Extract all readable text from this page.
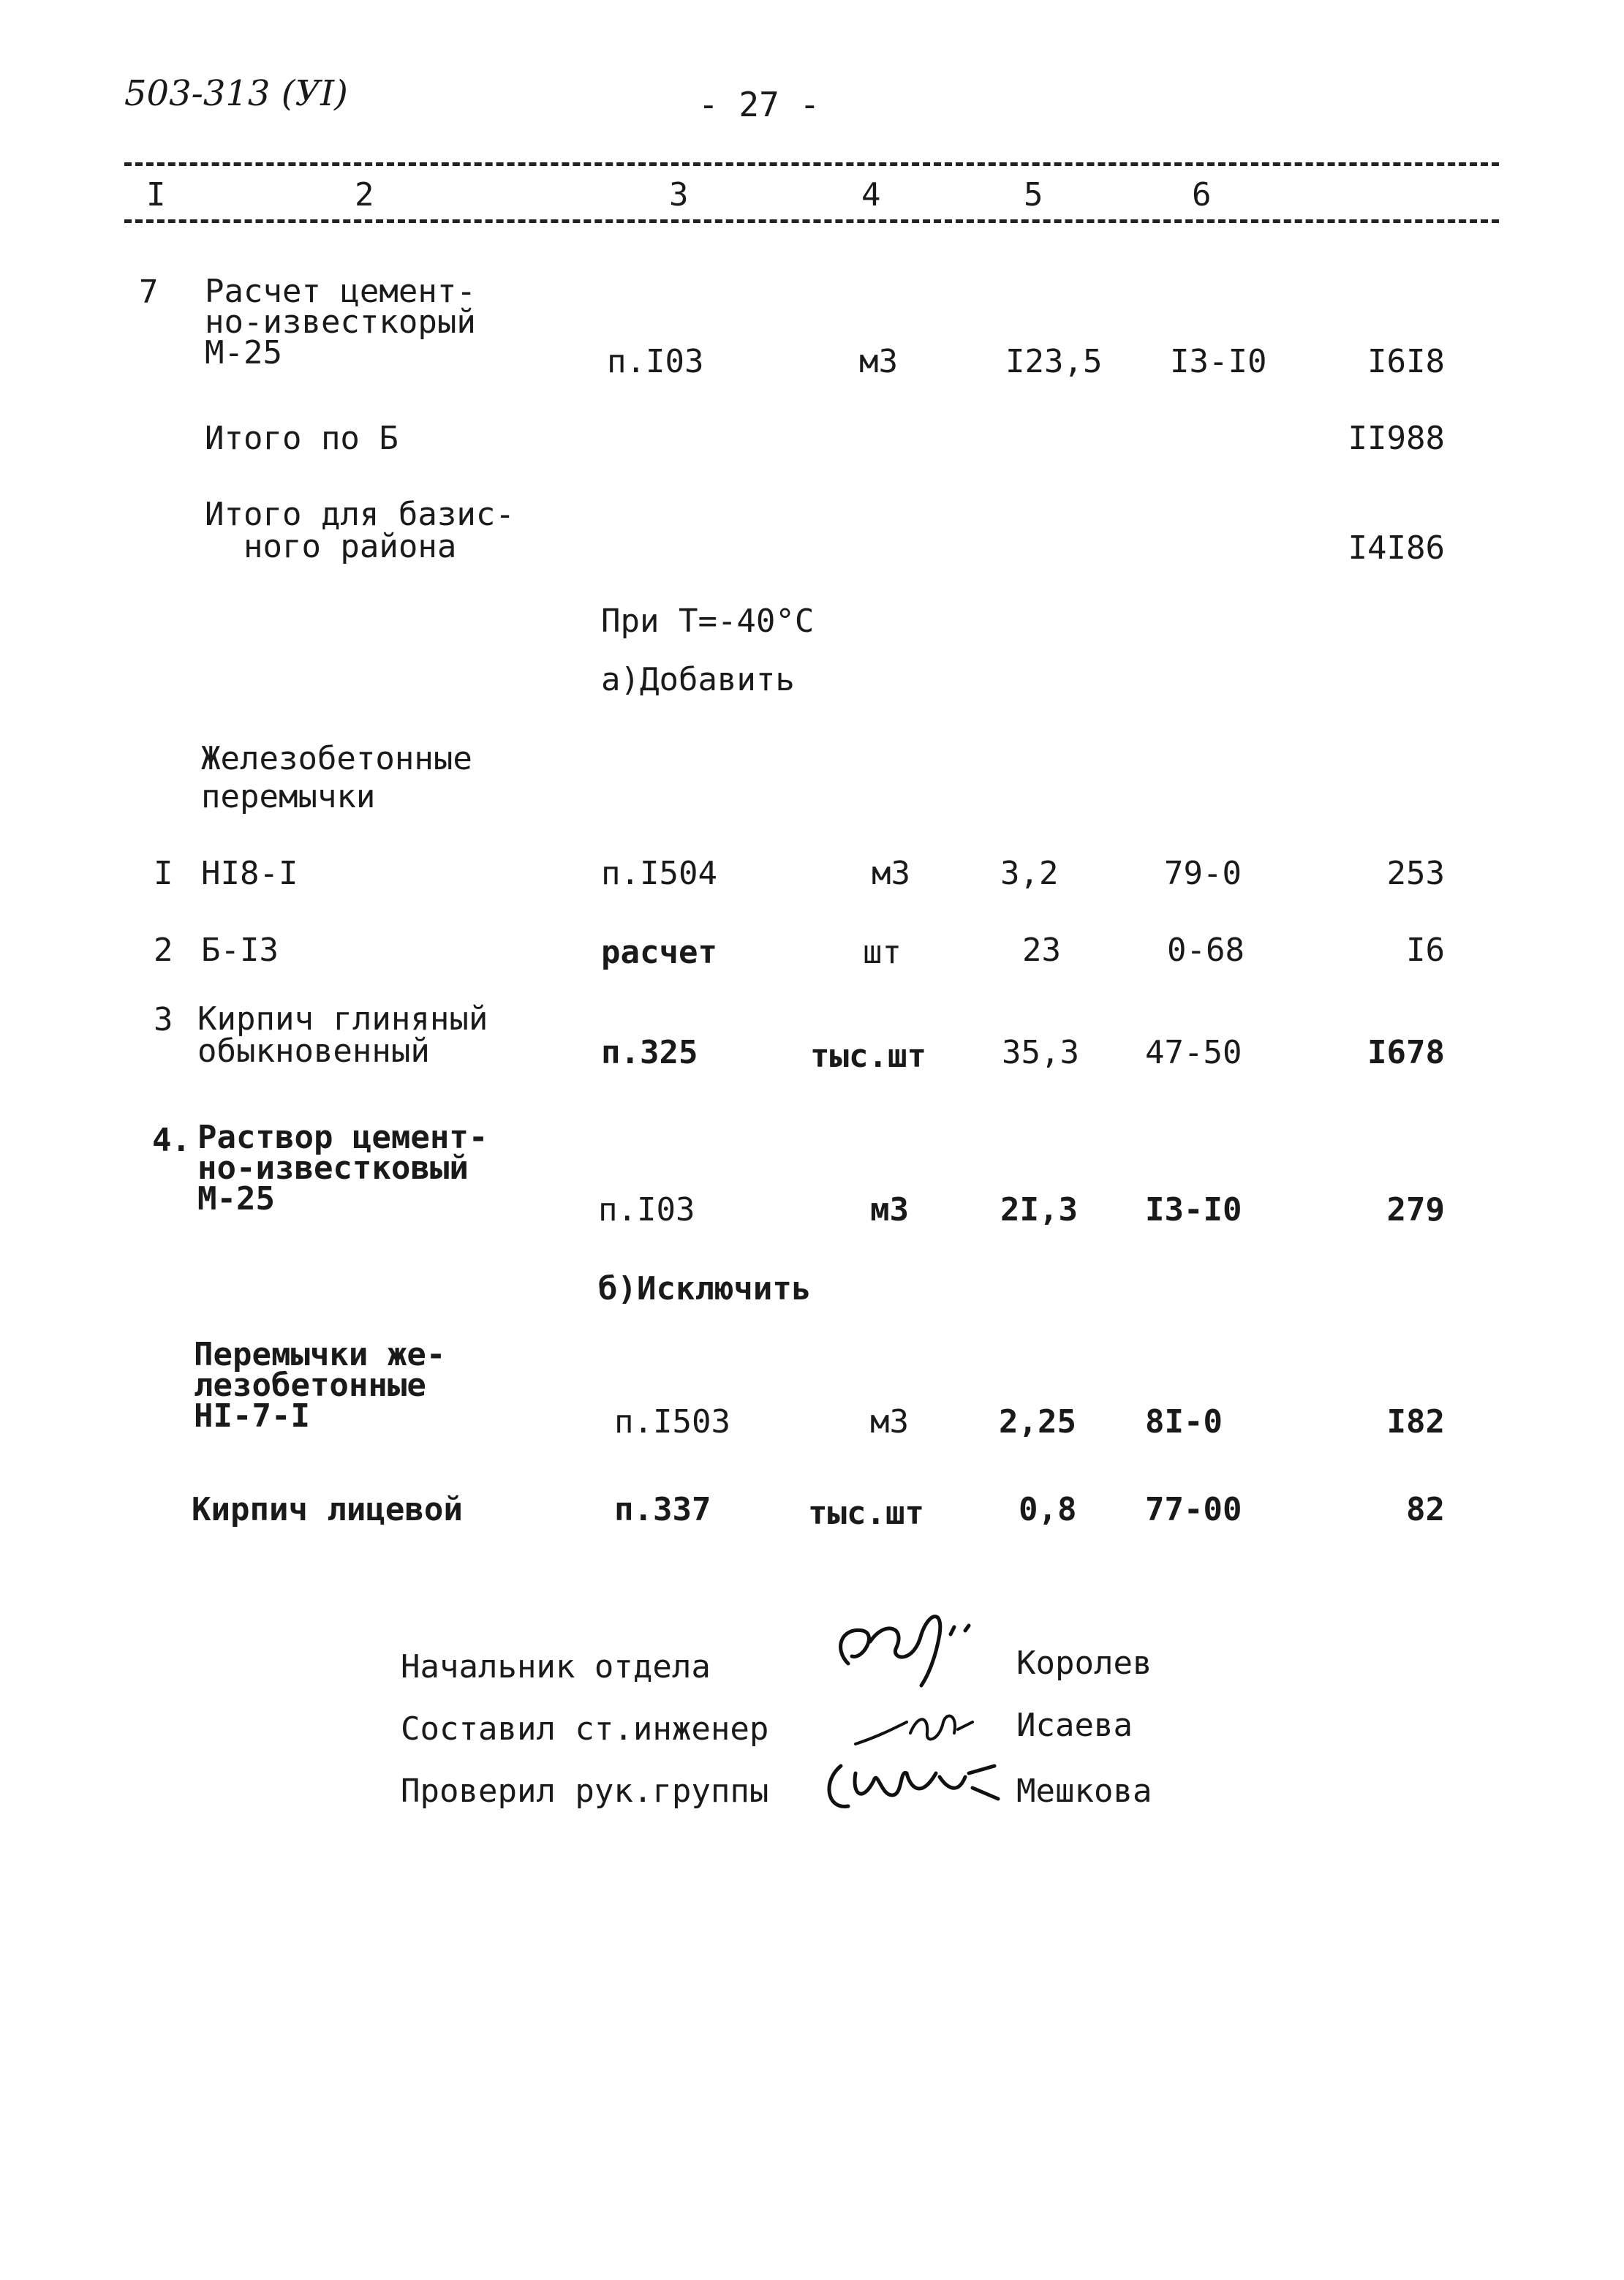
503-313 (УI)	- 27 -
I	2	3	4	5	6
7 Расчет цемент-
но-известкорый
М-25	п.I03	м3	I23,5 I3-I0	I6I8
Итого по Б	II988
Итого для базис-
ного района	I4I86
При Т=-40°С
а)Добавить
Железобетонные
перемычки
I НI8-I	п.I504	м3	3,2	79-0	253
2 Б-I3	расчет	шт	23	0-68	I6
3 Кирпич глиняный
обыкновенный	п.325	тыс.шт 35,3 47-50	I678
4. Раствор цемент-
но-известковый
М-25	п.I03	м3	2I,3 I3-I0	279
б)Исключить
Перемычки же-
лезобетонные
НI-7-I	п.I503	м3	2,25 8I-0	I82
Кирпич лицевой	п.337	тыс.шт	0,8 77-00	82
Начальник отдела	Королев
Составил ст.инженер	Исаева
Проверил рук.группы	Мешкова
